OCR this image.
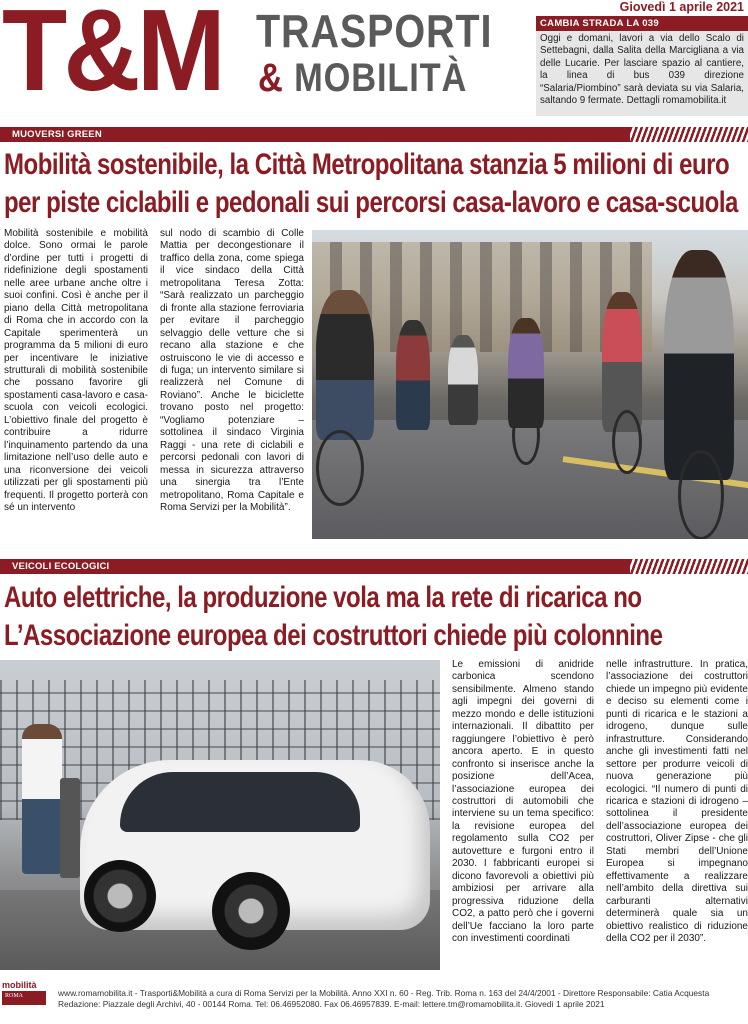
T&M TRASPORTI
& MOBILITÀ
Giovedì 1 aprile 2021
CAMBIA STRADA LA 039
Oggi e domani, lavori a via dello Scalo di Settebagni, dalla Salita della Marcigliana a via delle Lucarie. Per lasciare spazio al cantiere, la linea di bus 039 direzione “Salaria/Piombino” sarà deviata su via Salaria, saltando 9 fermate. Dettagli romamobilita.it
MUOVERSI GREEN
Mobilità sostenibile, la Città Metropolitana stanzia 5 milioni di euro
per piste ciclabili e pedonali sui percorsi casa-lavoro e casa-scuola
Mobilità sostenibile e mobilità dolce. Sono ormai le parole d’ordine per tutti i progetti di ridefinizione degli spostamenti nelle aree urbane anche oltre i suoi confini. Così è anche per il piano della Città metropolitana di Roma che in accordo con la Capitale sperimenterà un programma da 5 milioni di euro per incentivare le iniziative strutturali di mobilità sostenibile che possano favorire gli spostamenti casa-lavoro e casa-scuola con veicoli ecologici. L’obiettivo finale del progetto è contribuire a ridurre l’inquinamento partendo da una limitazione nell’uso delle auto e una riconversione dei veicoli utilizzati per gli spostamenti più frequenti. Il progetto porterà con sé un intervento
sul nodo di scambio di Colle Mattia per decongestionare il traffico della zona, come spiega il vice sindaco della Città metropolitana Teresa Zotta: “Sarà realizzato un parcheggio di fronte alla stazione ferroviaria per evitare il parcheggio selvaggio delle vetture che si recano alla stazione e che ostruiscono le vie di accesso e di fuga; un intervento similare si realizzerà nel Comune di Roviano”. Anche le biciclette trovano posto nel progetto: “Vogliamo potenziare – sottolinea il sindaco Virginia Raggi - una rete di ciclabili e percorsi pedonali con lavori di messa in sicurezza attraverso una sinergia tra l’Ente metropolitano, Roma Capitale e Roma Servizi per la Mobilità”.
VEICOLI ECOLOGICI
Auto elettriche, la produzione vola ma la rete di ricarica no
L’Associazione europea dei costruttori chiede più colonnine
Le emissioni di anidride carbonica scendono sensibilmente. Almeno stando agli impegni dei governi di mezzo mondo e delle istituzioni internazionali. Il dibattito per raggiungere l’obiettivo è però ancora aperto. E in questo confronto si inserisce anche la posizione dell’Acea, l’associazione europea dei costruttori di automobili che interviene su un tema specifico: la revisione europea del regolamento sulla CO2 per autovetture e furgoni entro il 2030. I fabbricanti europei si dicono favorevoli a obiettivi più ambiziosi per arrivare alla progressiva riduzione della CO2, a patto però che i governi dell’Ue facciano la loro parte con investimenti coordinati
nelle infrastrutture. In pratica, l’associazione dei costruttori chiede un impegno più evidente e deciso su elementi come i punti di ricarica e le stazioni a idrogeno, dunque sulle infrastrutture. Considerando anche gli investimenti fatti nel settore per produrre veicoli di nuova generazione più ecologici. “Il numero di punti di ricarica e stazioni di idrogeno – sottolinea il presidente dell’associazione europea dei costruttori, Oliver Zipse - che gli Stati membri dell’Unione Europea si impegnano effettivamente a realizzare nell’ambito della direttiva sui carburanti alternativi determinerà quale sia un obiettivo realistico di riduzione della CO2 per il 2030”.
mobilità
ROMA	www.romamobilita.it - Trasporti&Mobilità a cura di Roma Servizi per la Mobilità. Anno XXI n. 60 - Reg. Trib. Roma n. 163 del 24/4/2001 - Direttore Responsabile: Catia Acquesta
Redazione: Piazzale degli Archivi, 40 - 00144 Roma. Tel: 06.46952080. Fax 06.46957839. E-mail: lettere.tm@romamobilita.it. Giovedì 1 aprile 2021
